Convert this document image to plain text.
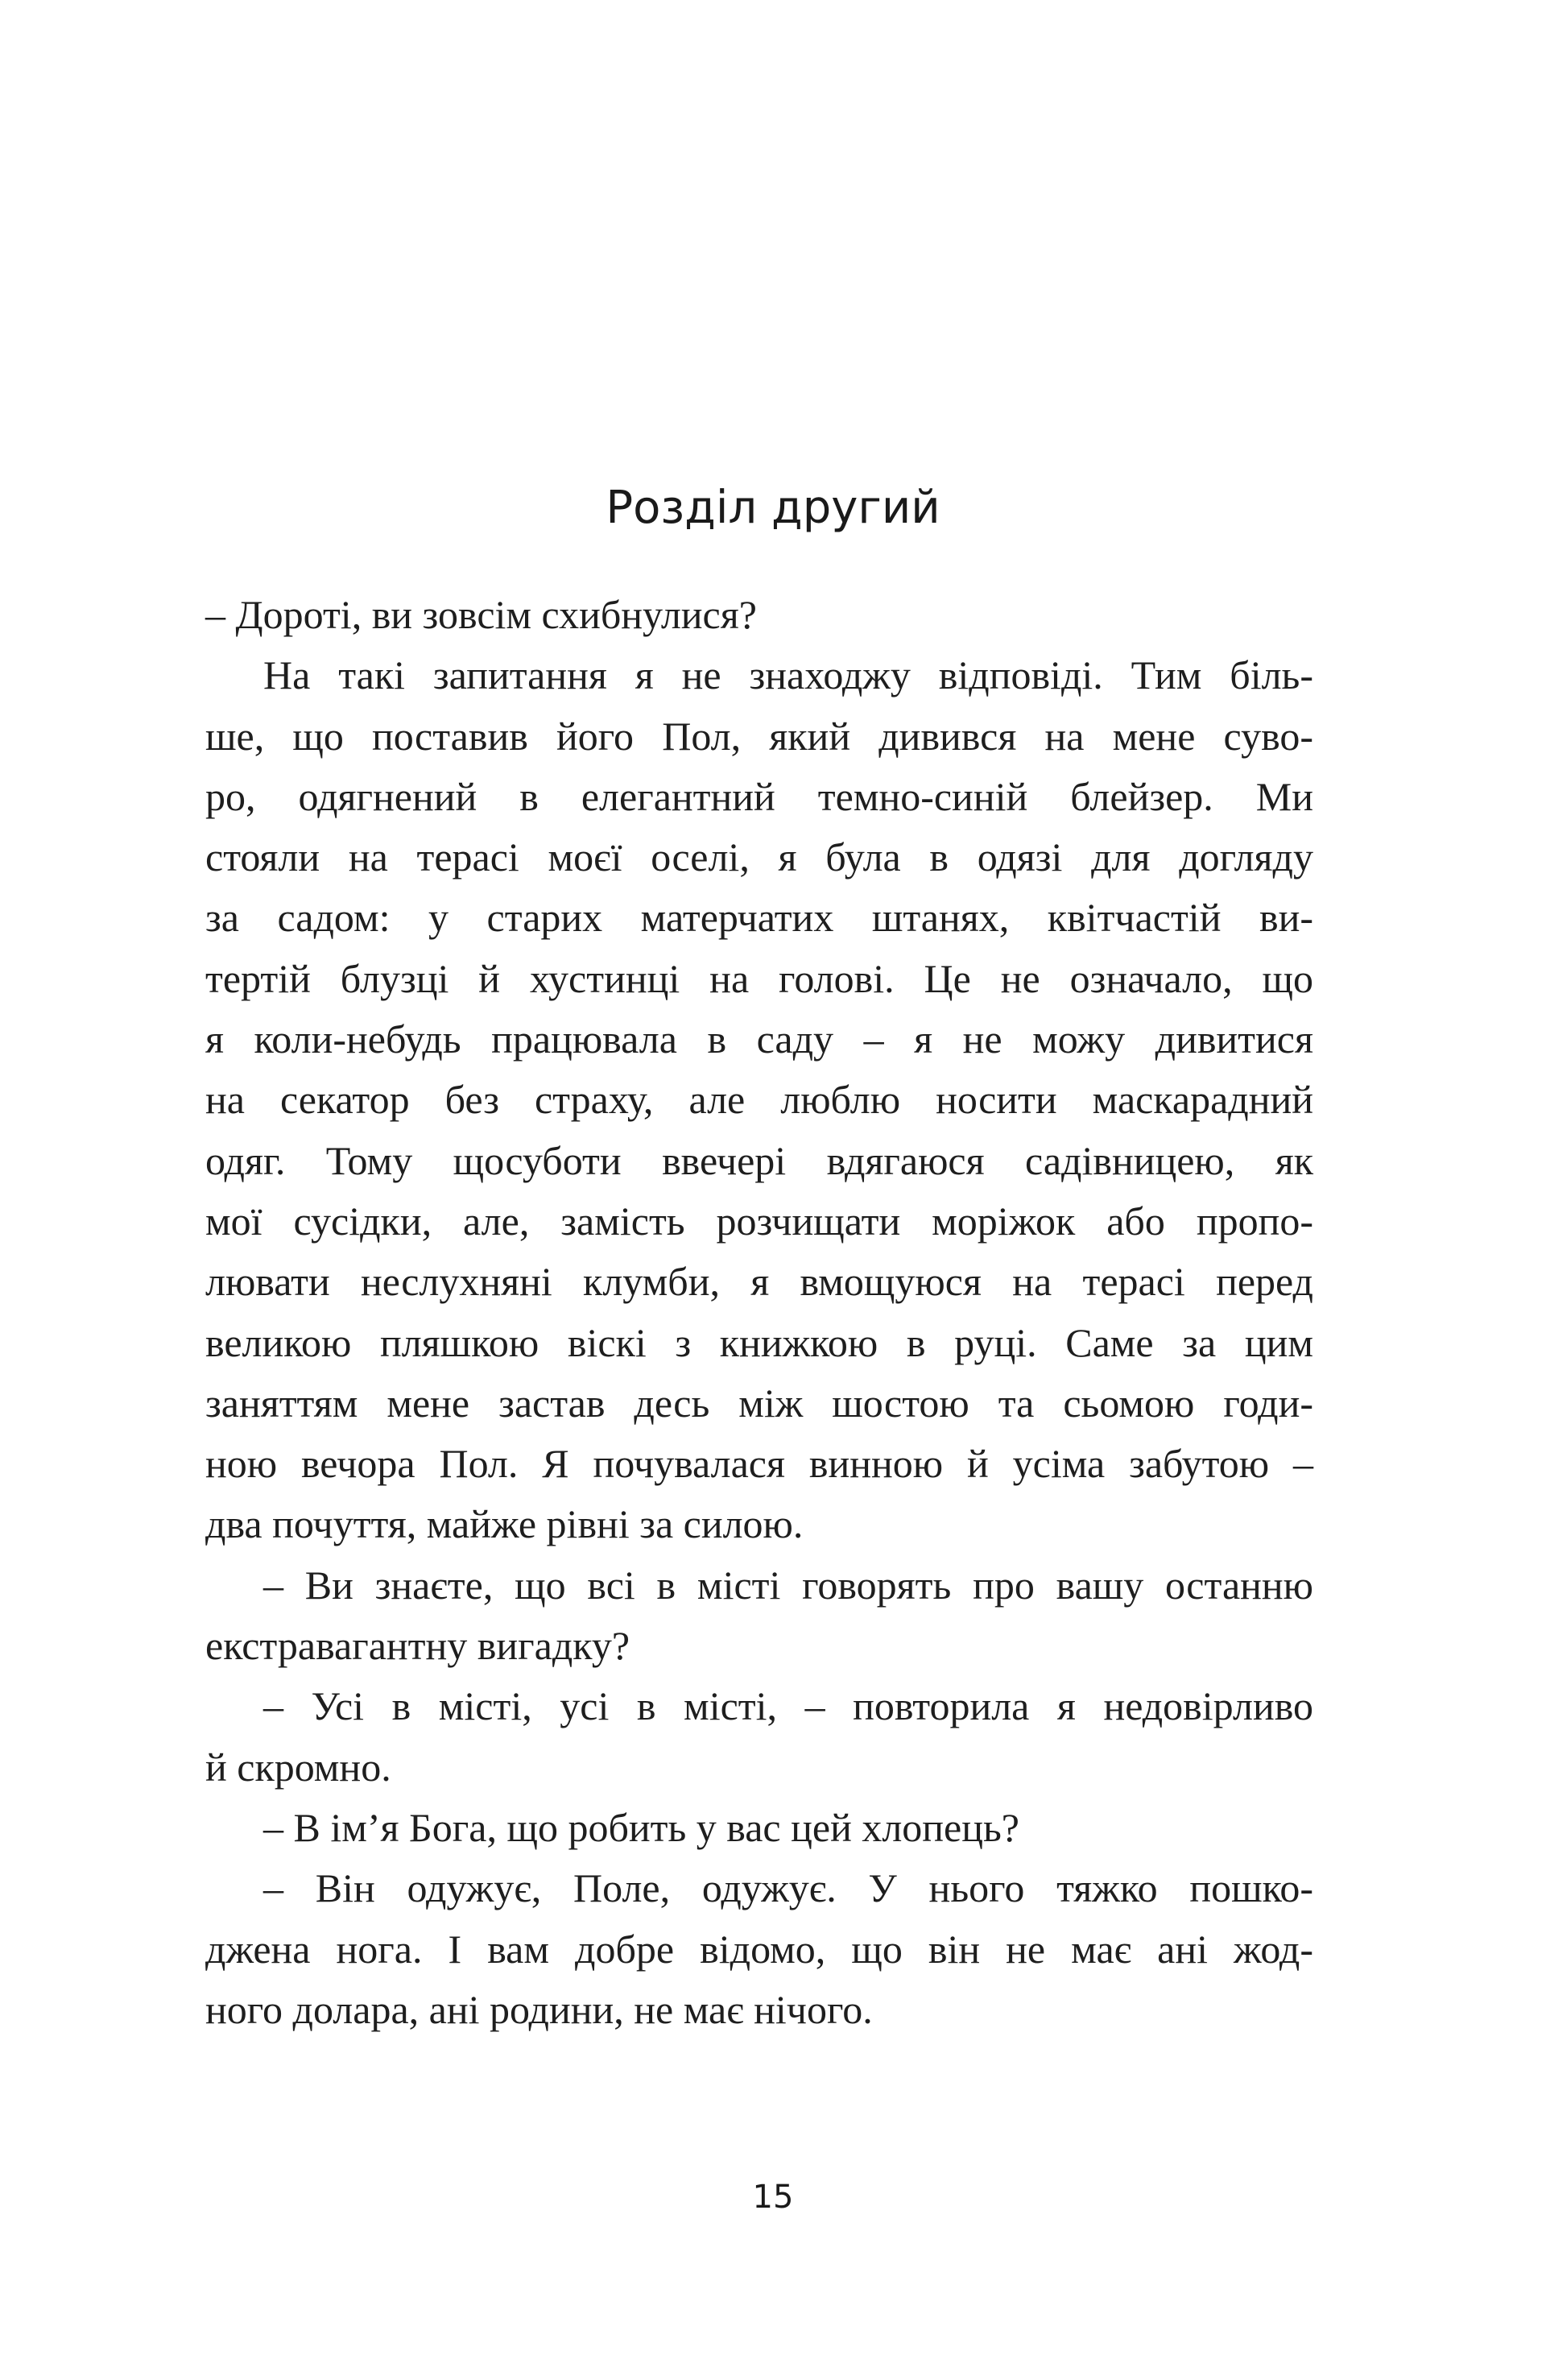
Розділ другий
– Дороті, ви зовсім схибнулися?
На такі запитання я не знаходжу відповіді. Тим біль-
ше, що поставив його Пол, який дивився на мене суво-
ро, одягнений в елегантний темно-синій блейзер. Ми
стояли на терасі моєї оселі, я була в одязі для догляду
за садом: у старих матерчатих штанях, квітчастій ви-
тертій блузці й хустинці на голові. Це не означало, що
я коли-небудь працювала в саду – я не можу дивитися
на секатор без страху, але люблю носити маскарадний
одяг. Тому щосуботи ввечері вдягаюся садівницею, як
мої сусідки, але, замість розчищати моріжок або пропо-
лювати неслухняні клумби, я вмощуюся на терасі перед
великою пляшкою віскі з книжкою в руці. Саме за цим
заняттям мене застав десь між шостою та сьомою годи-
ною вечора Пол. Я почувалася винною й усіма забутою –
два почуття, майже рівні за силою.
– Ви знаєте, що всі в місті говорять про вашу останню
екстравагантну вигадку?
– Усі в місті, усі в місті, – повторила я недовірливо
й скромно.
– В ім’я Бога, що робить у вас цей хлопець?
– Він одужує, Поле, одужує. У нього тяжко пошко-
джена нога. І вам добре відомо, що він не має ані жод-
ного долара, ані родини, не має нічого.
15
